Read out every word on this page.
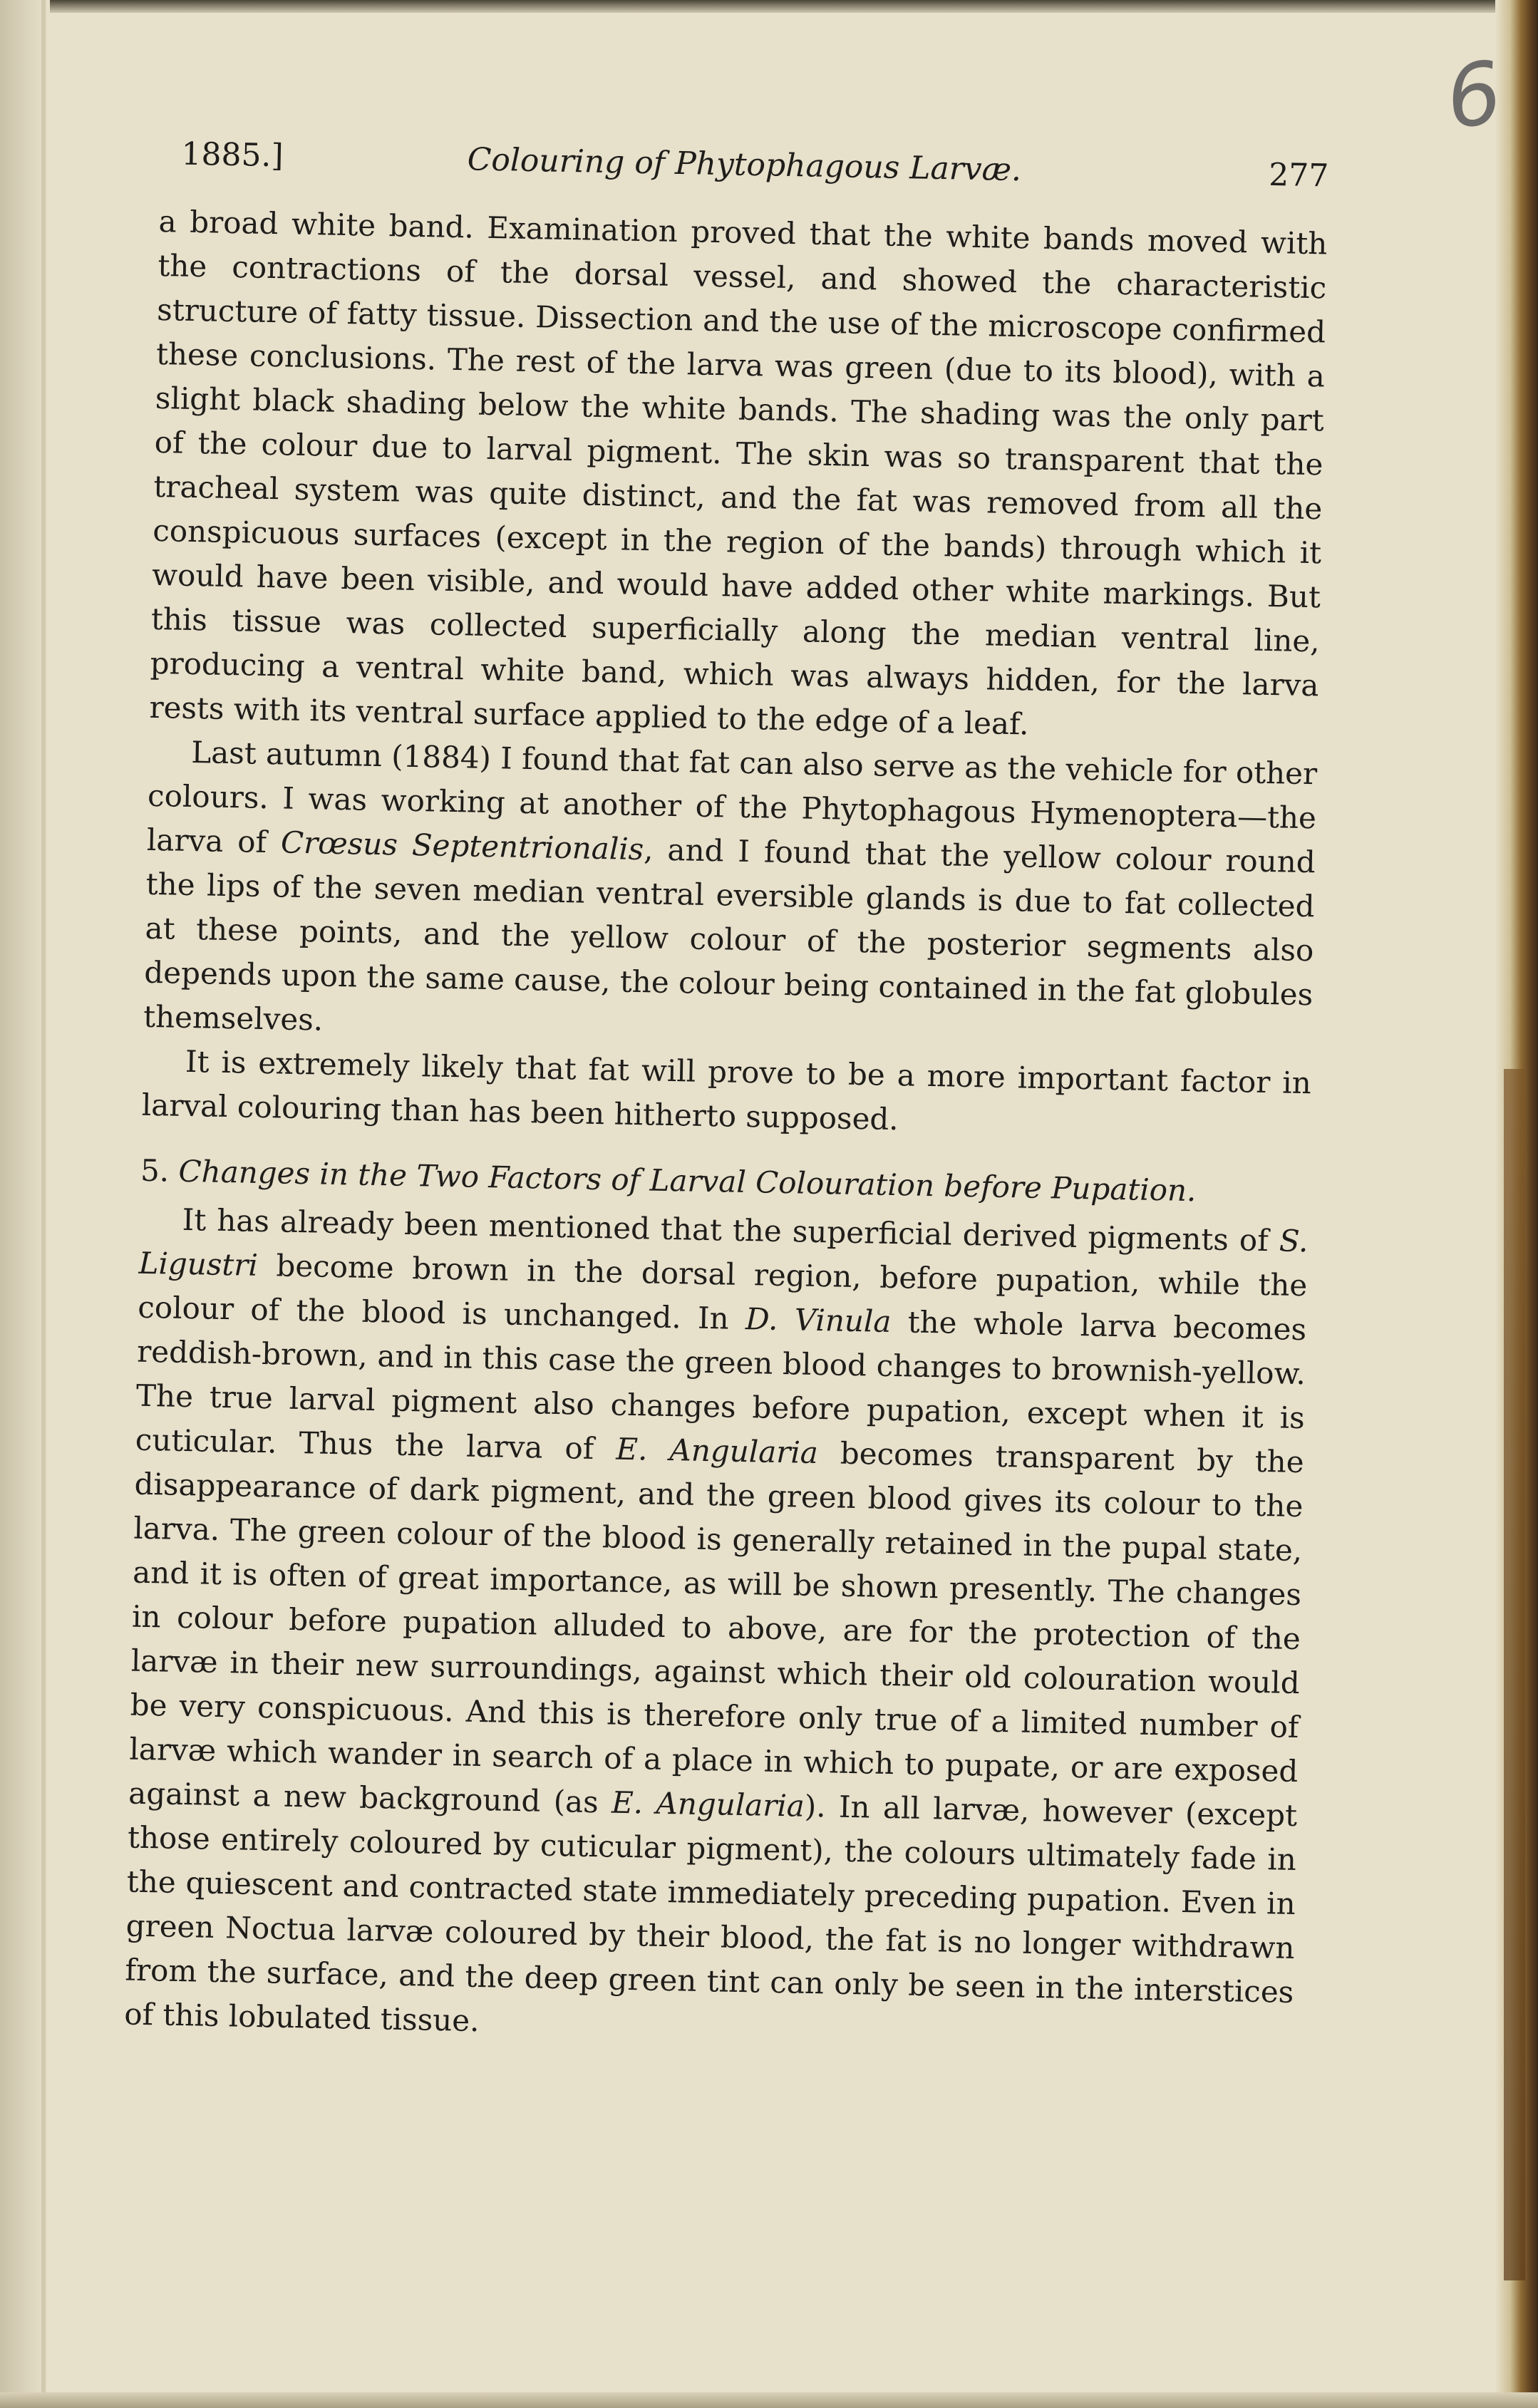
6
1885.]	Colouring of Phytophagous Larvæ.	277

a broad white band. Examination proved that the white bands moved with the contractions of the dorsal vessel, and showed the characteristic structure of fatty tissue. Dissection and the use of the microscope confirmed these conclusions. The rest of the larva was green (due to its blood), with a slight black shading below the white bands. The shading was the only part of the colour due to larval pigment. The skin was so transparent that the tracheal system was quite distinct, and the fat was removed from all the conspicuous surfaces (except in the region of the bands) through which it would have been visible, and would have added other white markings. But this tissue was collected superficially along the median ventral line, producing a ventral white band, which was always hidden, for the larva rests with its ventral surface applied to the edge of a leaf.

Last autumn (1884) I found that fat can also serve as the vehicle for other colours. I was working at another of the Phytophagous Hymenoptera—the larva of Crœsus Septentrionalis, and I found that the yellow colour round the lips of the seven median ventral eversible glands is due to fat collected at these points, and the yellow colour of the posterior segments also depends upon the same cause, the colour being contained in the fat globules themselves.

It is extremely likely that fat will prove to be a more important factor in larval colouring than has been hitherto supposed.

5. Changes in the Two Factors of Larval Colouration before Pupation.

It has already been mentioned that the superficial derived pigments of S. Ligustri become brown in the dorsal region, before pupation, while the colour of the blood is unchanged. In D. Vinula the whole larva becomes reddish-brown, and in this case the green blood changes to brownish-yellow. The true larval pigment also changes before pupation, except when it is cuticular. Thus the larva of E. Angularia becomes transparent by the disappearance of dark pigment, and the green blood gives its colour to the larva. The green colour of the blood is generally retained in the pupal state, and it is often of great importance, as will be shown presently. The changes in colour before pupation alluded to above, are for the protection of the larvæ in their new surroundings, against which their old colouration would be very conspicuous. And this is therefore only true of a limited number of larvæ which wander in search of a place in which to pupate, or are exposed against a new background (as E. Angularia). In all larvæ, however (except those entirely coloured by cuticular pigment), the colours ultimately fade in the quiescent and contracted state immediately preceding pupation. Even in green Noctua larvæ coloured by their blood, the fat is no longer withdrawn from the surface, and the deep green tint can only be seen in the interstices of this lobulated tissue.
